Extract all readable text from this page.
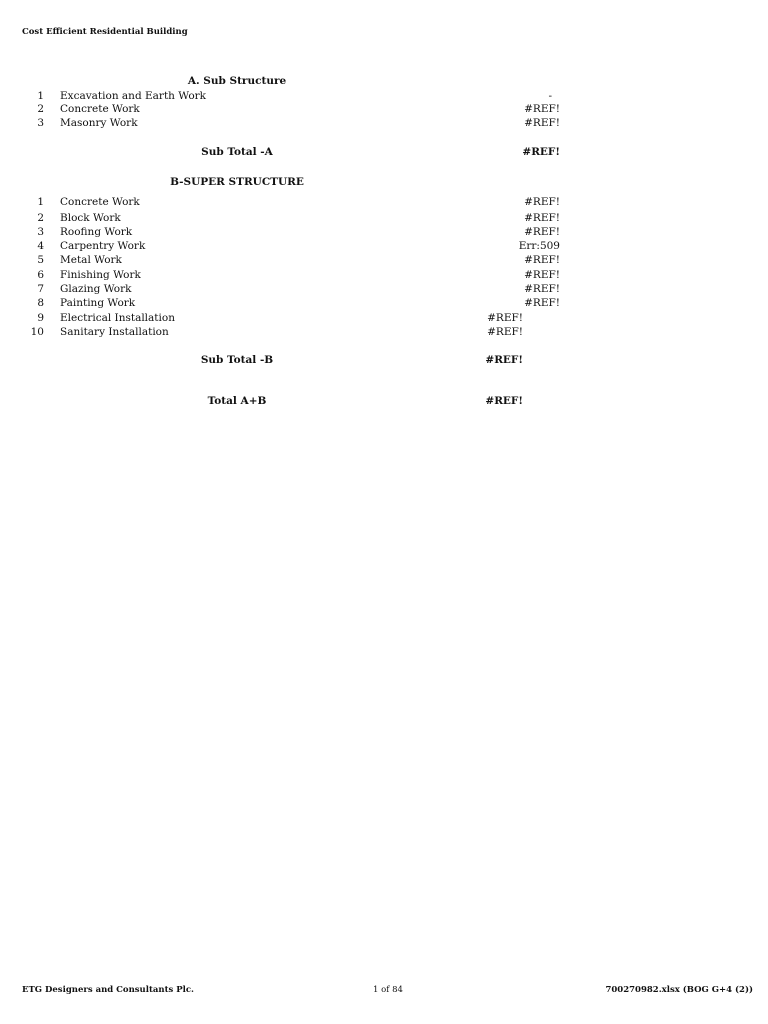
Cost Efficient Residential Building
A. Sub Structure
1 Excavation and Earth Work	-
2 Concrete Work	#REF!
3 Masonry Work	#REF!
Sub Total -A	#REF!
B-SUPER STRUCTURE
1 Concrete Work	#REF!
2 Block Work	#REF!
3 Roofing Work	#REF!
4 Carpentry Work	Err:509
5 Metal Work	#REF!
6 Finishing Work	#REF!
7 Glazing Work	#REF!
8 Painting Work	#REF!
9 Electrical Installation	#REF!
10 Sanitary Installation	#REF!
Sub Total -B	#REF!
Total A+B	#REF!
ETG Designers and Consultants Plc.	1 of 84	700270982.xlsx (BOG G+4 (2))
